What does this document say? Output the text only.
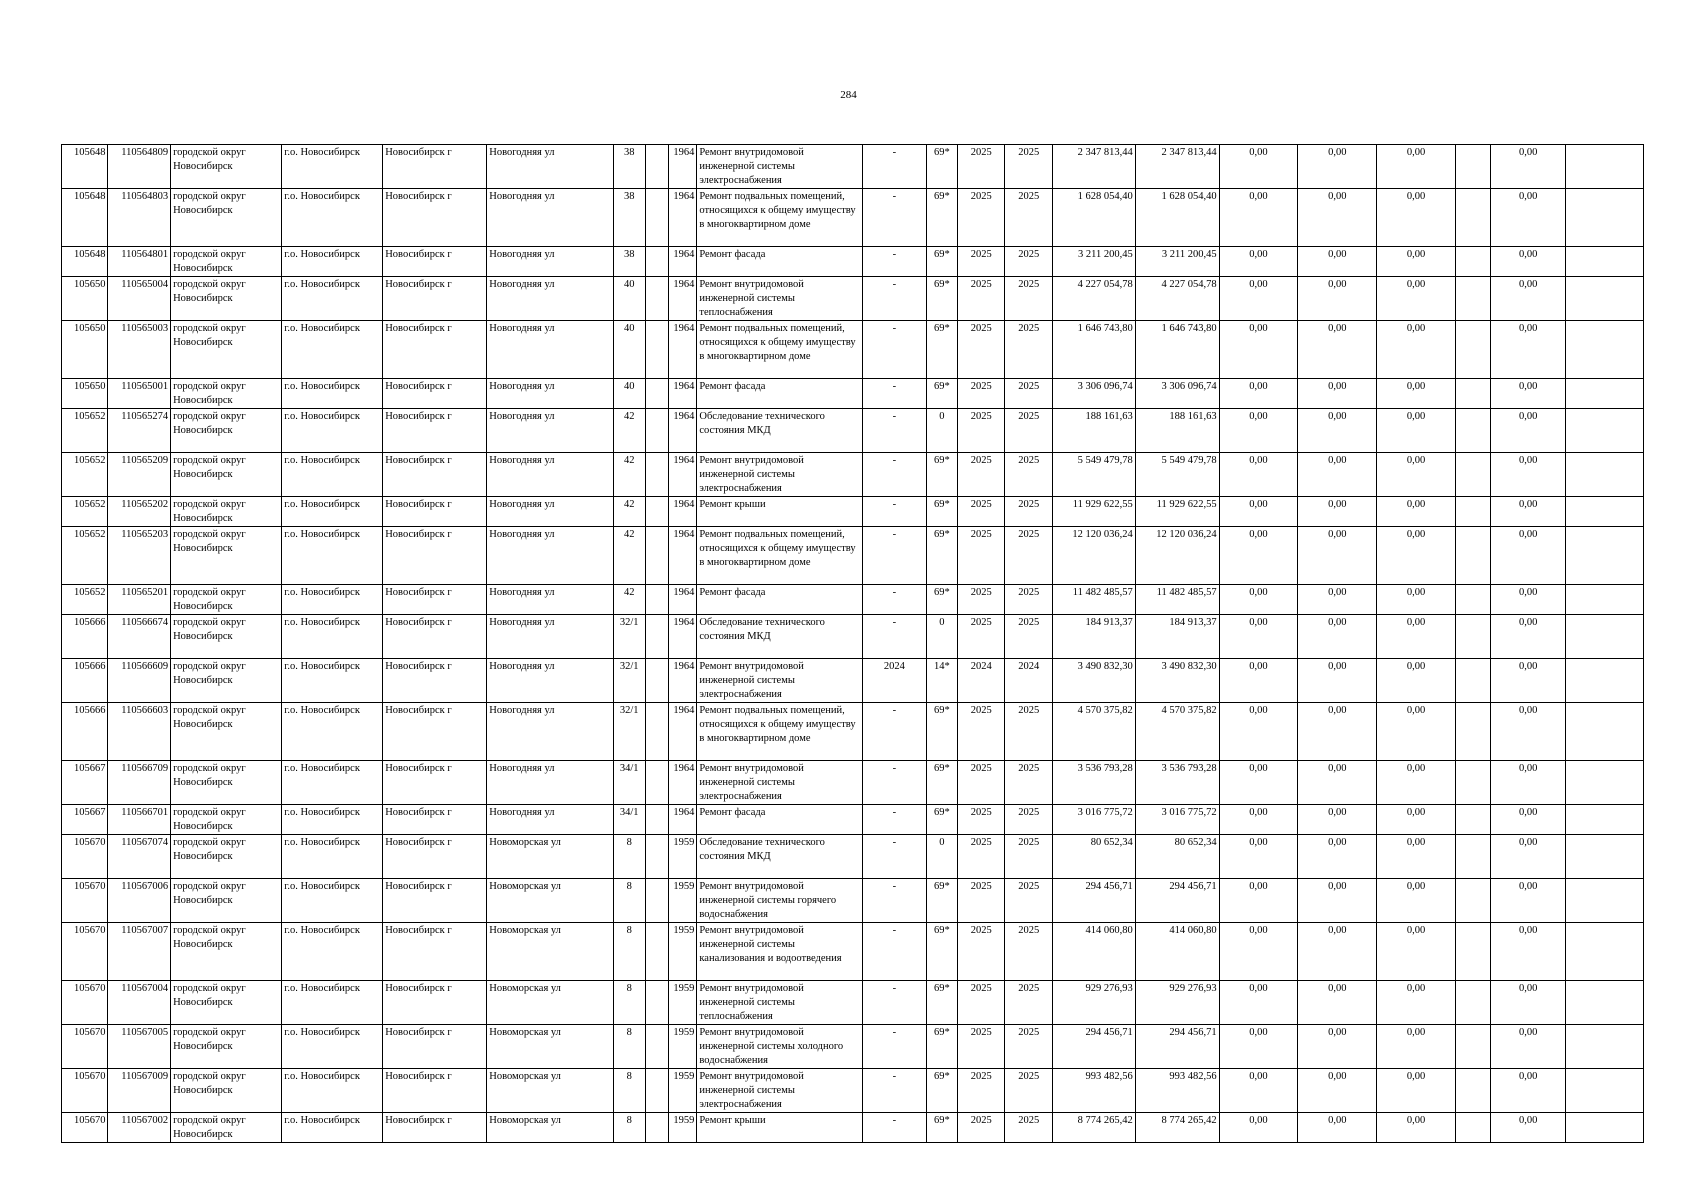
284
105648	110564809	городской округ Новосибирск	г.о. Новосибирск	Новосибирск г	Новогодняя ул	38		1964	Ремонт внутридомовой инженерной системы электроснабжения	-	69*	2025	2025	2 347 813,44	2 347 813,44	0,00	0,00	0,00		0,00	
105648	110564803	городской округ Новосибирск	г.о. Новосибирск	Новосибирск г	Новогодняя ул	38		1964	Ремонт подвальных помещений, относящихся к общему имуществу в многоквартирном доме	-	69*	2025	2025	1 628 054,40	1 628 054,40	0,00	0,00	0,00		0,00	
105648	110564801	городской округ Новосибирск	г.о. Новосибирск	Новосибирск г	Новогодняя ул	38		1964	Ремонт фасада	-	69*	2025	2025	3 211 200,45	3 211 200,45	0,00	0,00	0,00		0,00	
105650	110565004	городской округ Новосибирск	г.о. Новосибирск	Новосибирск г	Новогодняя ул	40		1964	Ремонт внутридомовой инженерной системы теплоснабжения	-	69*	2025	2025	4 227 054,78	4 227 054,78	0,00	0,00	0,00		0,00	
105650	110565003	городской округ Новосибирск	г.о. Новосибирск	Новосибирск г	Новогодняя ул	40		1964	Ремонт подвальных помещений, относящихся к общему имуществу в многоквартирном доме	-	69*	2025	2025	1 646 743,80	1 646 743,80	0,00	0,00	0,00		0,00	
105650	110565001	городской округ Новосибирск	г.о. Новосибирск	Новосибирск г	Новогодняя ул	40		1964	Ремонт фасада	-	69*	2025	2025	3 306 096,74	3 306 096,74	0,00	0,00	0,00		0,00	
105652	110565274	городской округ Новосибирск	г.о. Новосибирск	Новосибирск г	Новогодняя ул	42		1964	Обследование технического состояния МКД	-	0	2025	2025	188 161,63	188 161,63	0,00	0,00	0,00		0,00	
105652	110565209	городской округ Новосибирск	г.о. Новосибирск	Новосибирск г	Новогодняя ул	42		1964	Ремонт внутридомовой инженерной системы электроснабжения	-	69*	2025	2025	5 549 479,78	5 549 479,78	0,00	0,00	0,00		0,00	
105652	110565202	городской округ Новосибирск	г.о. Новосибирск	Новосибирск г	Новогодняя ул	42		1964	Ремонт крыши	-	69*	2025	2025	11 929 622,55	11 929 622,55	0,00	0,00	0,00		0,00	
105652	110565203	городской округ Новосибирск	г.о. Новосибирск	Новосибирск г	Новогодняя ул	42		1964	Ремонт подвальных помещений, относящихся к общему имуществу в многоквартирном доме	-	69*	2025	2025	12 120 036,24	12 120 036,24	0,00	0,00	0,00		0,00	
105652	110565201	городской округ Новосибирск	г.о. Новосибирск	Новосибирск г	Новогодняя ул	42		1964	Ремонт фасада	-	69*	2025	2025	11 482 485,57	11 482 485,57	0,00	0,00	0,00		0,00	
105666	110566674	городской округ Новосибирск	г.о. Новосибирск	Новосибирск г	Новогодняя ул	32/1		1964	Обследование технического состояния МКД	-	0	2025	2025	184 913,37	184 913,37	0,00	0,00	0,00		0,00	
105666	110566609	городской округ Новосибирск	г.о. Новосибирск	Новосибирск г	Новогодняя ул	32/1		1964	Ремонт внутридомовой инженерной системы электроснабжения	2024	14*	2024	2024	3 490 832,30	3 490 832,30	0,00	0,00	0,00		0,00	
105666	110566603	городской округ Новосибирск	г.о. Новосибирск	Новосибирск г	Новогодняя ул	32/1		1964	Ремонт подвальных помещений, относящихся к общему имуществу в многоквартирном доме	-	69*	2025	2025	4 570 375,82	4 570 375,82	0,00	0,00	0,00		0,00	
105667	110566709	городской округ Новосибирск	г.о. Новосибирск	Новосибирск г	Новогодняя ул	34/1		1964	Ремонт внутридомовой инженерной системы электроснабжения	-	69*	2025	2025	3 536 793,28	3 536 793,28	0,00	0,00	0,00		0,00	
105667	110566701	городской округ Новосибирск	г.о. Новосибирск	Новосибирск г	Новогодняя ул	34/1		1964	Ремонт фасада	-	69*	2025	2025	3 016 775,72	3 016 775,72	0,00	0,00	0,00		0,00	
105670	110567074	городской округ Новосибирск	г.о. Новосибирск	Новосибирск г	Новоморская ул	8		1959	Обследование технического состояния МКД	-	0	2025	2025	80 652,34	80 652,34	0,00	0,00	0,00		0,00	
105670	110567006	городской округ Новосибирск	г.о. Новосибирск	Новосибирск г	Новоморская ул	8		1959	Ремонт внутридомовой инженерной системы горячего водоснабжения	-	69*	2025	2025	294 456,71	294 456,71	0,00	0,00	0,00		0,00	
105670	110567007	городской округ Новосибирск	г.о. Новосибирск	Новосибирск г	Новоморская ул	8		1959	Ремонт внутридомовой инженерной системы канализования и водоотведения	-	69*	2025	2025	414 060,80	414 060,80	0,00	0,00	0,00		0,00	
105670	110567004	городской округ Новосибирск	г.о. Новосибирск	Новосибирск г	Новоморская ул	8		1959	Ремонт внутридомовой инженерной системы теплоснабжения	-	69*	2025	2025	929 276,93	929 276,93	0,00	0,00	0,00		0,00	
105670	110567005	городской округ Новосибирск	г.о. Новосибирск	Новосибирск г	Новоморская ул	8		1959	Ремонт внутридомовой инженерной системы холодного водоснабжения	-	69*	2025	2025	294 456,71	294 456,71	0,00	0,00	0,00		0,00	
105670	110567009	городской округ Новосибирск	г.о. Новосибирск	Новосибирск г	Новоморская ул	8		1959	Ремонт внутридомовой инженерной системы электроснабжения	-	69*	2025	2025	993 482,56	993 482,56	0,00	0,00	0,00		0,00	
105670	110567002	городской округ Новосибирск	г.о. Новосибирск	Новосибирск г	Новоморская ул	8		1959	Ремонт крыши	-	69*	2025	2025	8 774 265,42	8 774 265,42	0,00	0,00	0,00		0,00	
